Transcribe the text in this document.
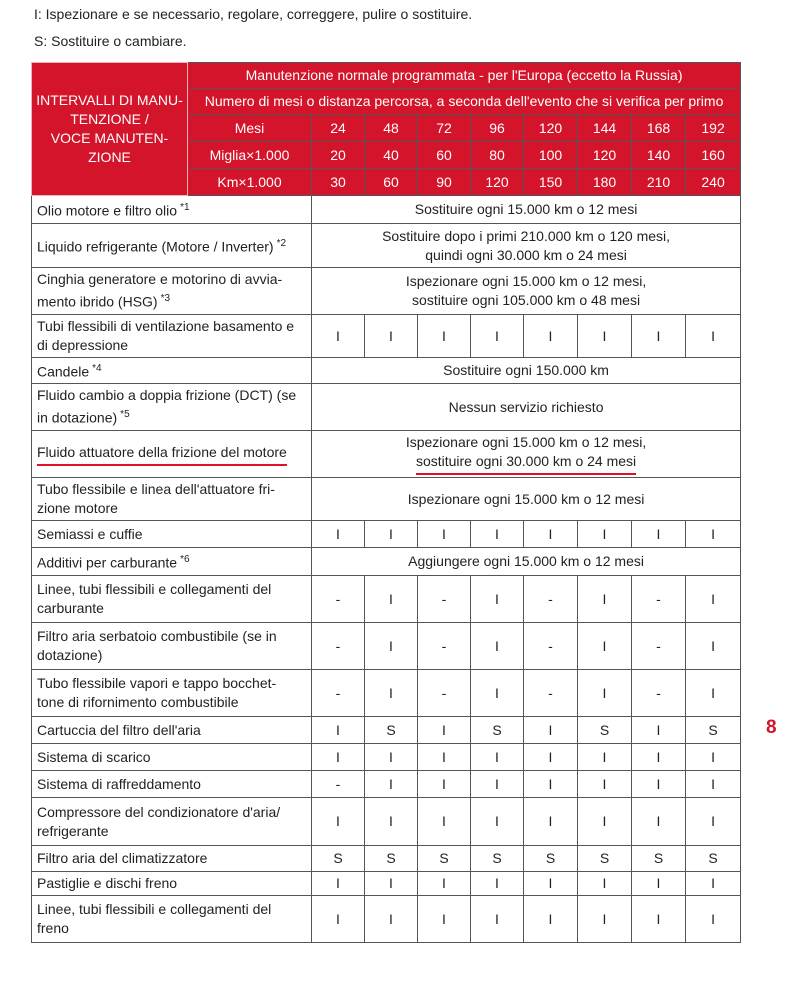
I: Ispezionare e se necessario, regolare, correggere, pulire o sostituire.
S: Sostituire o cambiare.
INTERVALLI DI MANU-
TENZIONE /
VOCE MANUTEN-
ZIONE	Manutenzione normale programmata - per l'Europa (eccetto la Russia)								
	Numero di mesi o distanza percorsa, a seconda dell'evento che si verifica per primo								
	Mesi	24	48	72	96	120	144	168	192
	Miglia×1.000	20	40	60	80	100	120	140	160
	Km×1.000	30	60	90	120	150	180	210	240
Olio motore e filtro olio $^{*1}$		Sostituire ogni 15.000 km o 12 mesi							
Liquido refrigerante (Motore / Inverter) $^{*2}$		Sostituire dopo i primi 210.000 km o 120 mesi,
quindi ogni 30.000 km o 24 mesi							
Cinghia generatore e motorino di avvia-
mento ibrido (HSG) $^{*3}$		Ispezionare ogni 15.000 km o 12 mesi,
sostituire ogni 105.000 km o 48 mesi							
Tubi flessibili di ventilazione basamento e
di depressione		I	I	I	I	I	I	I	I
Candele $^{*4}$		Sostituire ogni 150.000 km							
Fluido cambio a doppia frizione (DCT) (se
in dotazione) $^{*5}$		Nessun servizio richiesto							
Fluido attuatore della frizione del motore		Ispezionare ogni 15.000 km o 12 mesi,
sostituire ogni 30.000 km o 24 mesi							

Tubo flessibile e linea dell'attuatore fri-
zione motore		Ispezionare ogni 15.000 km o 12 mesi							
Semiassi e cuffie		I	I	I	I	I	I	I	I
Additivi per carburante $^{*6}$		Aggiungere ogni 15.000 km o 12 mesi							
Linee, tubi flessibili e collegamenti del
carburante		-	I	-	I	-	I	-	I
Filtro aria serbatoio combustibile (se in
dotazione)		-	I	-	I	-	I	-	I
Tubo flessibile vapori e tappo bocchet-
tone di rifornimento combustibile		-	I	-	I	-	I	-	I
Cartuccia del filtro dell'aria		I	S	I	S	I	S	I	S
Sistema di scarico		I	I	I	I	I	I	I	I
Sistema di raffreddamento		-	I	I	I	I	I	I	I
Compressore del condizionatore d'aria/
refrigerante		I	I	I	I	I	I	I	I
Filtro aria del climatizzatore		S	S	S	S	S	S	S	S
Pastiglie e dischi freno		I	I	I	I	I	I	I	I
Linee, tubi flessibili e collegamenti del
freno		I	I	I	I	I	I	I	I
8
